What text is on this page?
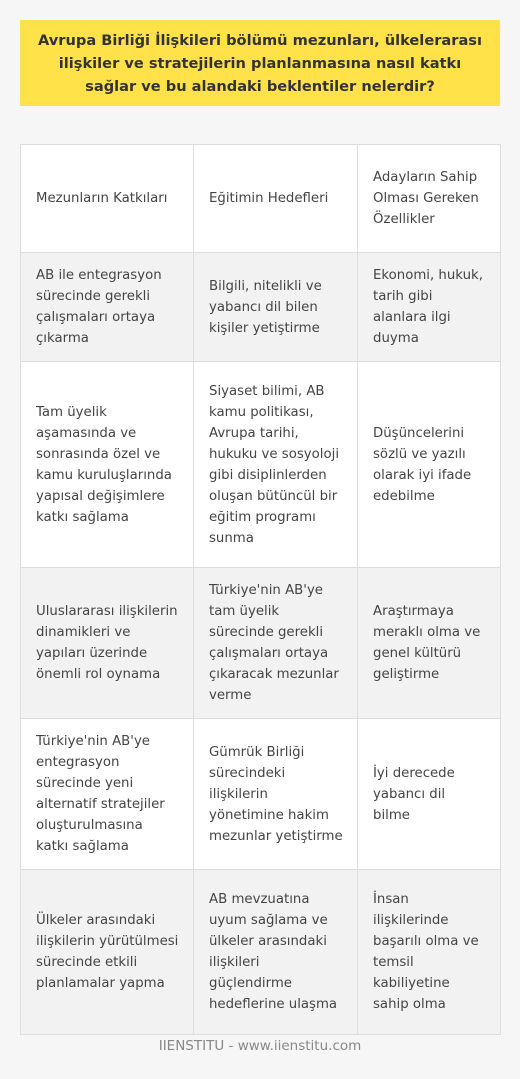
Avrupa Birliği İlişkileri bölümü mezunları, ülkelerarası ilişkiler ve stratejilerin planlanmasına nasıl katkı sağlar ve bu alandaki beklentiler nelerdir?
Mezunların Katkıları	Eğitimin Hedefleri	Adayların Sahip Olması Gereken Özellikler
AB ile entegrasyon sürecinde gerekli çalışmaları ortaya çıkarma	Bilgili, nitelikli ve yabancı dil bilen kişiler yetiştirme	Ekonomi, hukuk, tarih gibi alanlara ilgi duyma
Tam üyelik aşamasında ve sonrasında özel ve kamu kuruluşlarında yapısal değişimlere katkı sağlama	Siyaset bilimi, AB kamu politikası, Avrupa tarihi, hukuku ve sosyoloji gibi disiplinlerden oluşan bütüncül bir eğitim programı sunma	Düşüncelerini sözlü ve yazılı olarak iyi ifade edebilme
Uluslararası ilişkilerin dinamikleri ve yapıları üzerinde önemli rol oynama	Türkiye'nin AB'ye tam üyelik sürecinde gerekli çalışmaları ortaya çıkaracak mezunlar verme	Araştırmaya meraklı olma ve genel kültürü geliştirme
Türkiye'nin AB'ye entegrasyon sürecinde yeni alternatif stratejiler oluşturulmasına katkı sağlama	Gümrük Birliği sürecindeki ilişkilerin yönetimine hakim mezunlar yetiştirme	İyi derecede yabancı dil bilme
Ülkeler arasındaki ilişkilerin yürütülmesi sürecinde etkili planlamalar yapma	AB mevzuatına uyum sağlama ve ülkeler arasındaki ilişkileri güçlendirme hedeflerine ulaşma	İnsan ilişkilerinde başarılı olma ve temsil kabiliyetine sahip olma
IIENSTITU - www.iienstitu.com
